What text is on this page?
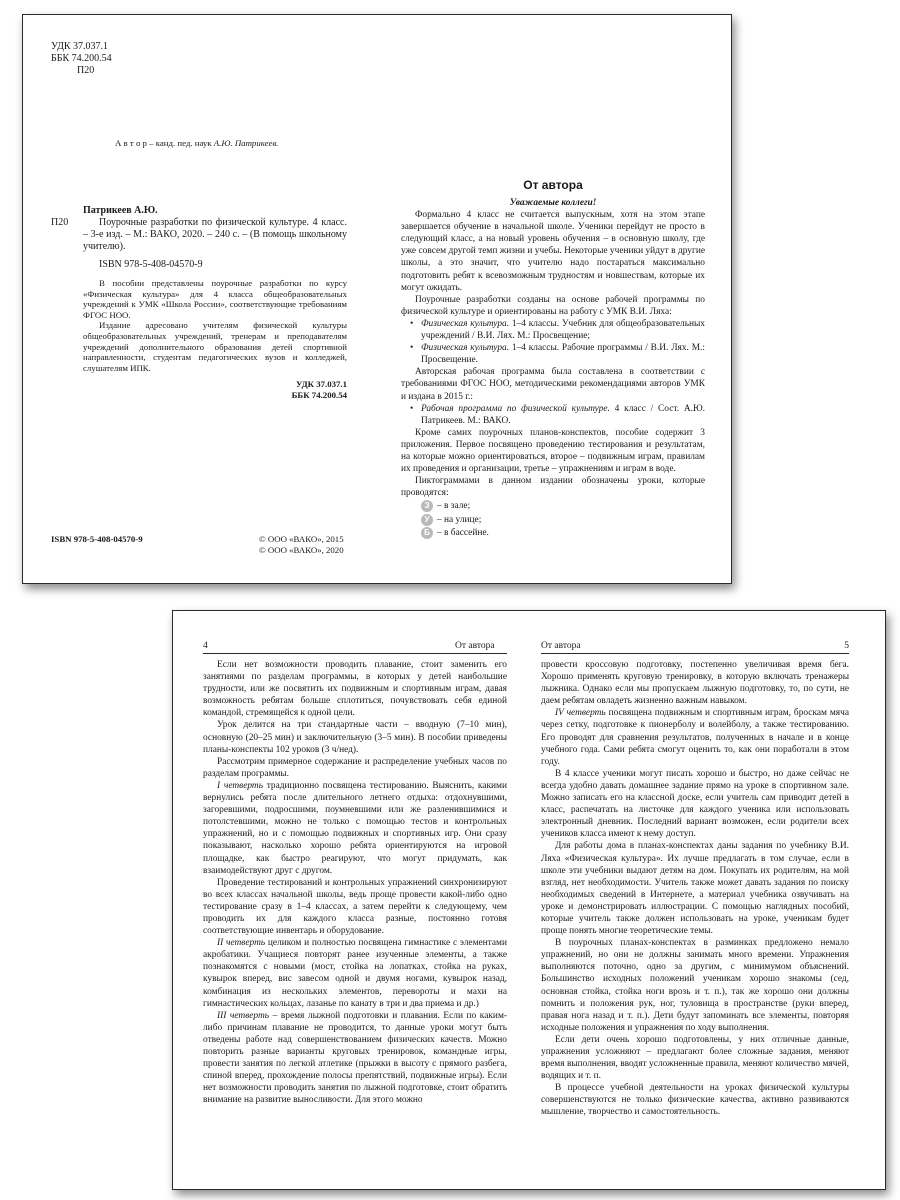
УДК 37.037.1
ББК 74.200.54
П20
А в т о р – канд. пед. наук А.Ю. Патрикеев.
Патрикеев А.Ю.
П20	Поурочные разработки по физической культуре. 4 класс. – 3-е изд. – М.: ВАКО, 2020. – 240 с. – (В помощь школьному учителю).
ISBN 978-5-408-04570-9
В пособии представлены поурочные разработки по курсу «Физическая культура» для 4 класса общеобразовательных учреждений к УМК «Школа России», соответствующие требованиям ФГОС НОО.
Издание адресовано учителям физической культуры общеобразовательных учреждений, тренерам и преподавателям учреждений дополнительного образования детей спортивной направленности, студентам педагогических вузов и колледжей, слушателям ИПК.
УДК 37.037.1
ББК 74.200.54
ISBN 978-5-408-04570-9	© ООО «ВАКО», 2015
© ООО «ВАКО», 2020
От автора

Уважаемые коллеги!

Формально 4 класс не считается выпускным, хотя на этом этапе завершается обучение в начальной школе. Ученики перейдут не просто в следующий класс, а на новый уровень обучения – в основную школу, где уже совсем другой темп жизни и учебы. Некоторые ученики уйдут в другие школы, а это значит, что учителю надо постараться максимально подготовить ребят к всевозможным трудностям и новшествам, которые их могут ожидать.

Поурочные разработки созданы на основе рабочей программы по физической культуре и ориентированы на работу с УМК В.И. Ляха:

• Физическая культура. 1–4 классы. Учебник для общеобразовательных учреждений / В.И. Лях. М.: Просвещение;

• Физическая культура. 1–4 классы. Рабочие программы / В.И. Лях. М.: Просвещение.

Авторская рабочая программа была составлена в соответствии с требованиями ФГОС НОО, методическими рекомендациями авторов УМК и издана в 2015 г.:

• Рабочая программа по физической культуре. 4 класс / Сост. А.Ю. Патрикеев. М.: ВАКО.

Кроме самих поурочных планов-конспектов, пособие содержит 3 приложения. Первое посвящено проведению тестирования и результатам, на которые можно ориентироваться, второе – подвижным играм, правилам их проведения и организации, третье – упражнениям и играм в воде.

Пиктограммами в данном издании обозначены уроки, которые проводятся:

З – в зале;
У – на улице;
Б – в бассейне.
4	От автора

Если нет возможности проводить плавание, стоит заменить его занятиями по разделам программы, в которых у детей наибольшие трудности, или же посвятить их подвижным и спортивным играм, давая возможность ребятам больше сплотиться, почувствовать себя единой командой, стремящейся к одной цели.

Урок делится на три стандартные части – вводную (7–10 мин), основную (20–25 мин) и заключительную (3–5 мин). В пособии приведены планы-конспекты 102 уроков (3 ч/нед).

Рассмотрим примерное содержание и распределение учебных часов по разделам программы.

I четверть традиционно посвящена тестированию. Выяснить, какими вернулись ребята после длительного летнего отдыха: отдохнувшими, загоревшими, подросшими, поумневшими или же разленившимися и потолстевшими, можно не только с помощью тестов и контрольных упражнений, но и с помощью подвижных и спортивных игр. Они сразу показывают, насколько хорошо ребята ориентируются на игровой площадке, как быстро реагируют, что могут придумать, как взаимодействуют друг с другом.

Проведение тестирований и контрольных упражнений синхронизируют во всех классах начальной школы, ведь проще провести какой-либо одно тестирование сразу в 1–4 классах, а затем перейти к следующему, чем проводить их для каждого класса разные, постоянно готовя соответствующие инвентарь и оборудование.

II четверть целиком и полностью посвящена гимнастике с элементами акробатики. Учащиеся повторят ранее изученные элементы, а также познакомятся с новыми (мост, стойка на лопатках, стойка на руках, кувырок вперед, вис завесом одной и двумя ногами, кувырок назад, комбинация из нескольких элементов, перевороты и махи на гимнастических кольцах, лазанье по канату в три и два приема и др.)

III четверть – время лыжной подготовки и плавания. Если по каким-либо причинам плавание не проводится, то данные уроки могут быть отведены работе над совершенствованием физических качеств. Можно повторить разные варианты круговых тренировок, командные игры, провести занятия по легкой атлетике (прыжки в высоту с прямого разбега, спиной вперед, прохождение полосы препятствий, подвижные игры). Если нет возможности проводить занятия по лыжной подготовке, стоит обратить внимание на развитие выносливости. Для этого можно

От автора	5

провести кроссовую подготовку, постепенно увеличивая время бега. Хорошо применять круговую тренировку, в которую включать тренажеры лыжника. Однако если мы пропускаем лыжную подготовку, то, по сути, не даем ребятам овладеть жизненно важным навыком.

IV четверть посвящена подвижным и спортивным играм, броскам мяча через сетку, подготовке к пионерболу и волейболу, а также тестированию. Его проводят для сравнения результатов, полученных в начале и в конце учебного года. Сами ребята смогут оценить то, как они поработали в этом году.

В 4 классе ученики могут писать хорошо и быстро, но даже сейчас не всегда удобно давать домашнее задание прямо на уроке в спортивном зале. Можно записать его на классной доске, если учитель сам приводит детей в класс, распечатать на листочке для каждого ученика или использовать электронный дневник. Последний вариант возможен, если родители всех учеников класса имеют к нему доступ.

Для работы дома в планах-конспектах даны задания по учебнику В.И. Ляха «Физическая культура». Их лучше предлагать в том случае, если в школе эти учебники выдают детям на дом. Покупать их родителям, на мой взгляд, нет необходимости. Учитель также может давать задания по поиску необходимых сведений в Интернете, а материал учебника озвучивать на уроке и демонстрировать иллюстрации. С помощью наглядных пособий, которые учитель также должен использовать на уроке, ученикам будет проще понять многие теоретические темы.

В поурочных планах-конспектах в разминках предложено немало упражнений, но они не должны занимать много времени. Упражнения выполняются поточно, одно за другим, с минимумом объяснений. Большинство исходных положений ученикам хорошо знакомы (сед, основная стойка, стойка ноги врозь и т. п.), так же хорошо они должны помнить и положения рук, ног, туловища в пространстве (руки вперед, правая нога назад и т. п.). Дети будут запоминать все элементы, повторяя исходные положения и упражнения по ходу выполнения.

Если дети очень хорошо подготовлены, у них отличные данные, упражнения усложняют – предлагают более сложные задания, меняют время выполнения, вводят усложненные правила, меняют количество мячей, водящих и т. п.

В процессе учебной деятельности на уроках физической культуры совершенствуются не только физические качества, активно развиваются мышление, творчество и самостоятельность.
